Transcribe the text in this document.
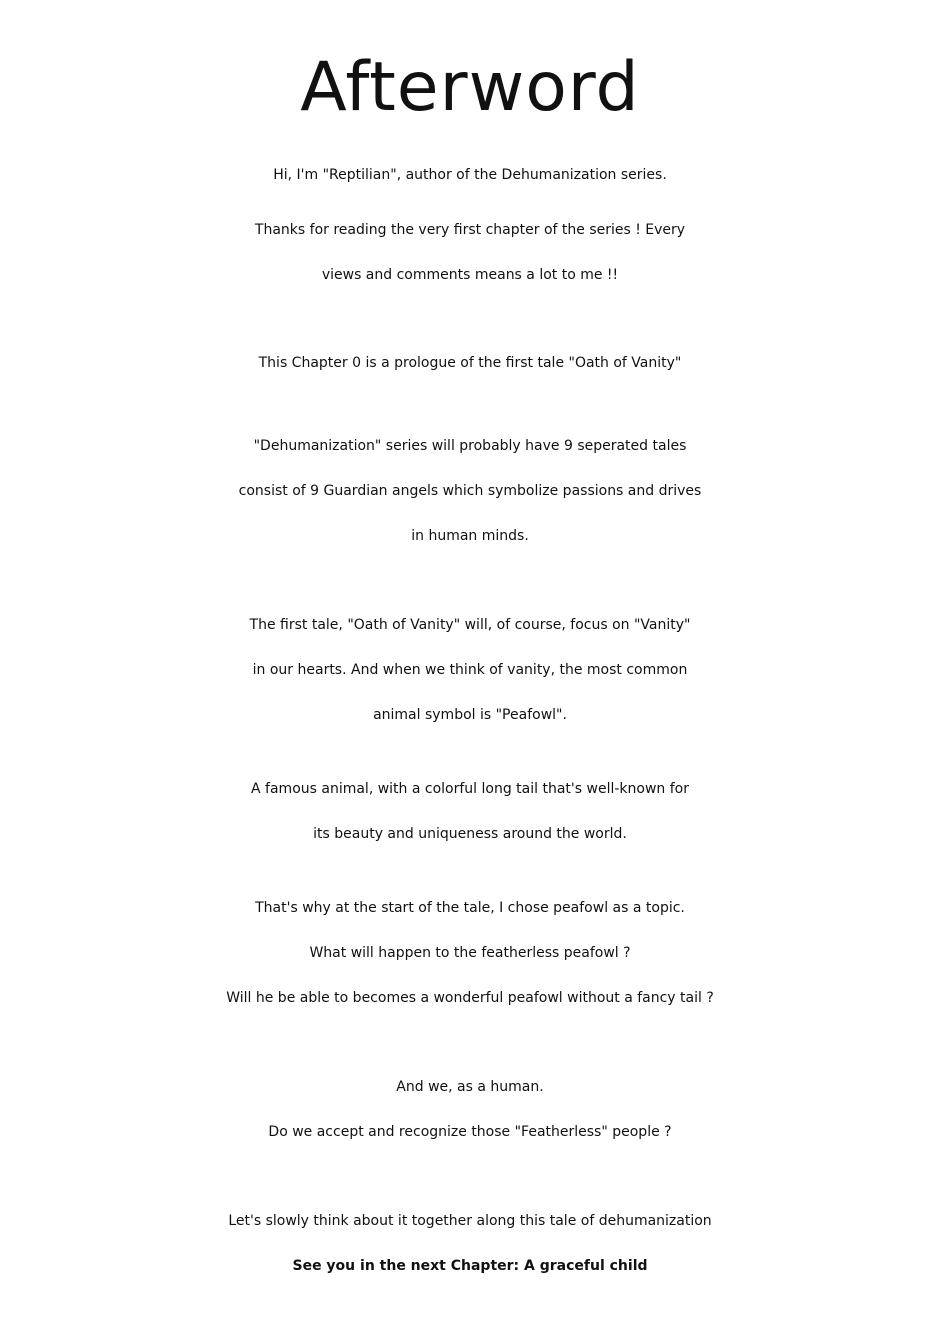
Afterword

Hi, I'm "Reptilian", author of the Dehumanization series.

Thanks for reading the very first chapter of the series ! Every

views and comments means a lot to me !!

This Chapter 0 is a prologue of the first tale "Oath of Vanity"

"Dehumanization" series will probably have 9 seperated tales

consist of 9 Guardian angels which symbolize passions and drives

in human minds.

The first tale, "Oath of Vanity" will, of course, focus on "Vanity"

in our hearts. And when we think of vanity, the most common

animal symbol is "Peafowl".

A famous animal, with a colorful long tail that's well-known for

its beauty and uniqueness around the world.

That's why at the start of the tale, I chose peafowl as a topic.

What will happen to the featherless peafowl ?

Will he be able to becomes a wonderful peafowl without a fancy tail ?

And we, as a human.

Do we accept and recognize those "Featherless" people ?

Let's slowly think about it together along this tale of dehumanization

See you in the next Chapter: A graceful child
